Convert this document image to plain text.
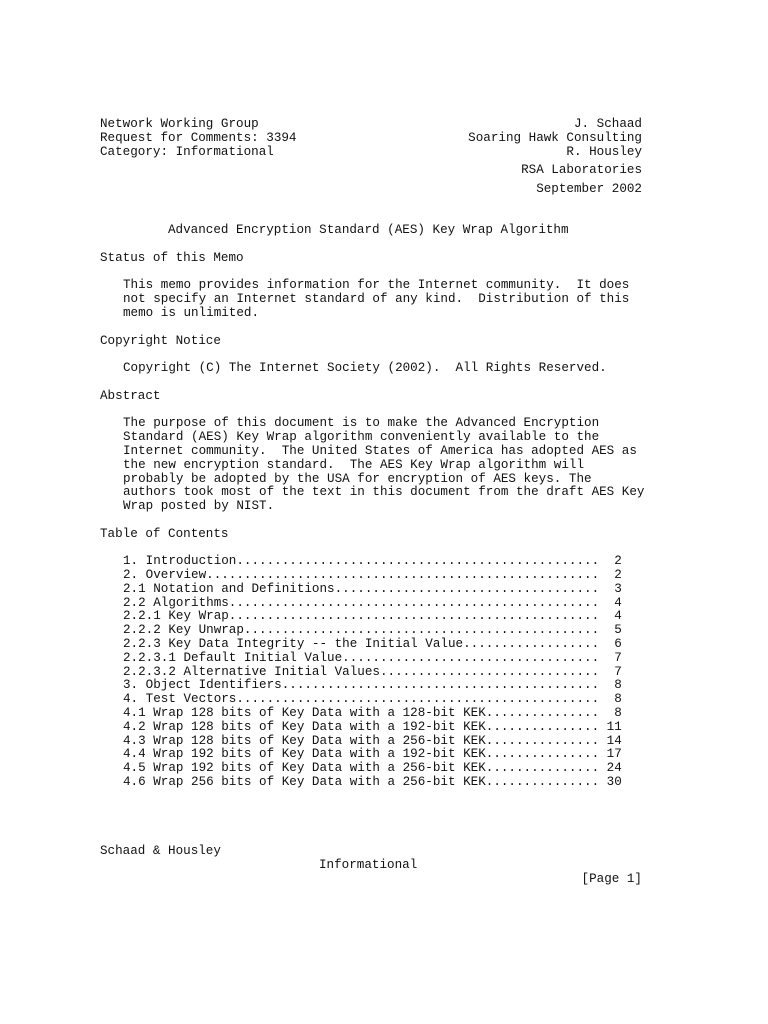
Network Working Group	J. Schaad
Request for Comments: 3394	Soaring Hawk Consulting
Category: Informational	R. Housley
RSA Laboratories
September 2002
Advanced Encryption Standard (AES) Key Wrap Algorithm
Status of this Memo
This memo provides information for the Internet community.  It does
not specify an Internet standard of any kind.  Distribution of this
memo is unlimited.
Copyright Notice
Copyright (C) The Internet Society (2002).  All Rights Reserved.
Abstract
The purpose of this document is to make the Advanced Encryption
Standard (AES) Key Wrap algorithm conveniently available to the
Internet community.  The United States of America has adopted AES as
the new encryption standard.  The AES Key Wrap algorithm will
probably be adopted by the USA for encryption of AES keys. The
authors took most of the text in this document from the draft AES Key
Wrap posted by NIST.
Table of Contents
1. Introduction................................................  2
2. Overview....................................................  2
2.1 Notation and Definitions...................................  3
2.2 Algorithms.................................................  4
2.2.1 Key Wrap.................................................  4
2.2.2 Key Unwrap...............................................  5
2.2.3 Key Data Integrity -- the Initial Value..................  6
2.2.3.1 Default Initial Value..................................  7
2.2.3.2 Alternative Initial Values.............................  7
3. Object Identifiers..........................................  8
4. Test Vectors................................................  8
4.1 Wrap 128 bits of Key Data with a 128-bit KEK...............  8
4.2 Wrap 128 bits of Key Data with a 192-bit KEK............... 11
4.3 Wrap 128 bits of Key Data with a 256-bit KEK............... 14
4.4 Wrap 192 bits of Key Data with a 192-bit KEK............... 17
4.5 Wrap 192 bits of Key Data with a 256-bit KEK............... 24
4.6 Wrap 256 bits of Key Data with a 256-bit KEK............... 30

Schaad & Housley

Informational

[Page 1]
